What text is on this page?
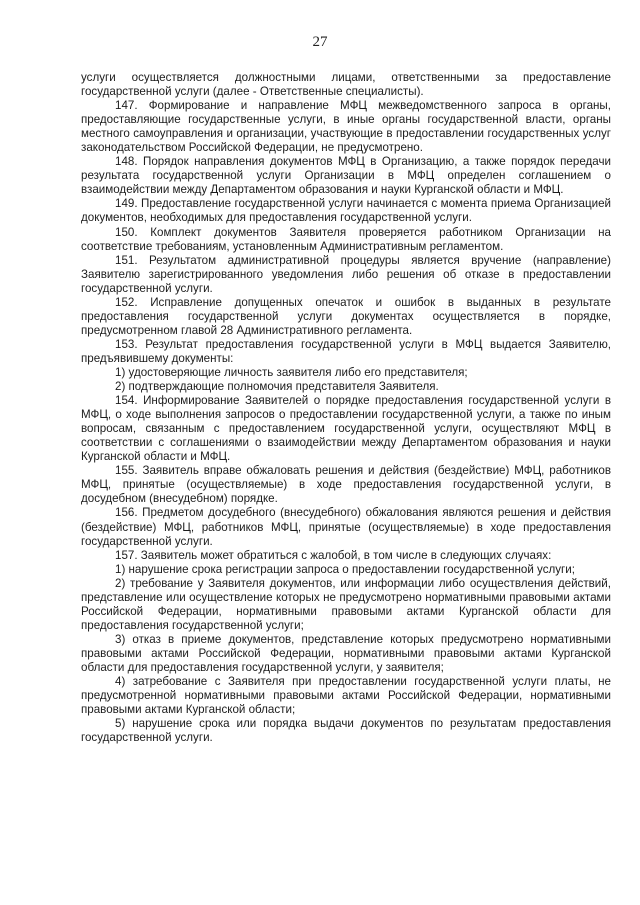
27

услуги осуществляется должностными лицами, ответственными за предоставление государственной услуги (далее - Ответственные специалисты).

147. Формирование и направление МФЦ межведомственного запроса в органы, предоставляющие государственные услуги, в иные органы государственной власти, органы местного самоуправления и организации, участвующие в предоставлении государственных услуг законодательством Российской Федерации, не предусмотрено.

148. Порядок направления документов МФЦ в Организацию, а также порядок передачи результата государственной услуги Организации в МФЦ определен соглашением о взаимодействии между Департаментом образования и науки Курганской области и МФЦ.

149. Предоставление государственной услуги начинается с момента приема Организацией документов, необходимых для предоставления государственной услуги.

150. Комплект документов Заявителя проверяется работником Организации на соответствие требованиям, установленным Административным регламентом.

151. Результатом административной процедуры является вручение (направление) Заявителю зарегистрированного уведомления либо решения об отказе в предоставлении государственной услуги.

152. Исправление допущенных опечаток и ошибок в выданных в результате предоставления государственной услуги документах осуществляется в порядке, предусмотренном главой 28 Административного регламента.

153. Результат предоставления государственной услуги в МФЦ выдается Заявителю, предъявившему документы:

1) удостоверяющие личность заявителя либо его представителя;

2) подтверждающие полномочия представителя Заявителя.

154. Информирование Заявителей о порядке предоставления государственной услуги в МФЦ, о ходе выполнения запросов о предоставлении государственной услуги, а также по иным вопросам, связанным с предоставлением государственной услуги, осуществляют МФЦ в соответствии с соглашениями о взаимодействии между Департаментом образования и науки Курганской области и МФЦ.

155. Заявитель вправе обжаловать решения и действия (бездействие) МФЦ, работников МФЦ, принятые (осуществляемые) в ходе предоставления государственной услуги, в досудебном (внесудебном) порядке.

156. Предметом досудебного (внесудебного) обжалования являются решения и действия (бездействие) МФЦ, работников МФЦ, принятые (осуществляемые) в ходе предоставления государственной услуги.

157. Заявитель может обратиться с жалобой, в том числе в следующих случаях:

1) нарушение срока регистрации запроса о предоставлении государственной услуги;

2) требование у Заявителя документов, или информации либо осуществления действий, представление или осуществление которых не предусмотрено нормативными правовыми актами Российской Федерации, нормативными правовыми актами Курганской области для предоставления государственной услуги;

3) отказ в приеме документов, представление которых предусмотрено нормативными правовыми актами Российской Федерации, нормативными правовыми актами Курганской области для предоставления государственной услуги, у заявителя;

4) затребование с Заявителя при предоставлении государственной услуги платы, не предусмотренной нормативными правовыми актами Российской Федерации, нормативными правовыми актами Курганской области;

5) нарушение срока или порядка выдачи документов по результатам предоставления государственной услуги.
